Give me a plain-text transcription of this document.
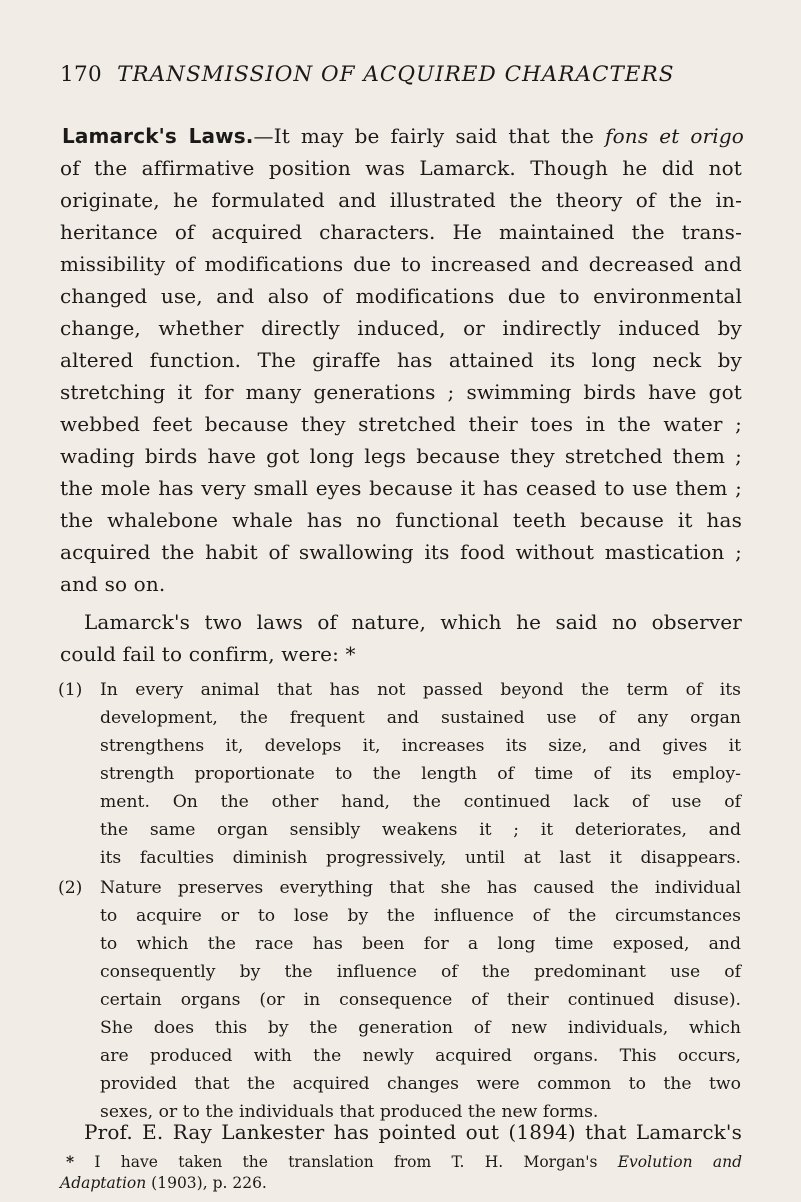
170 TRANSMISSION OF ACQUIRED CHARACTERS
Lamarck's Laws.—It may be fairly said that the fons et origo
of the affirmative position was Lamarck. Though he did not
originate, he formulated and illustrated the theory of the in-
heritance of acquired characters. He maintained the trans-
missibility of modifications due to increased and decreased and
changed use, and also of modifications due to environmental
change, whether directly induced, or indirectly induced by
altered function. The giraffe has attained its long neck by
stretching it for many generations ; swimming birds have got
webbed feet because they stretched their toes in the water ;
wading birds have got long legs because they stretched them ;
the mole has very small eyes because it has ceased to use them ;
the whalebone whale has no functional teeth because it has
acquired the habit of swallowing its food without mastication ;
and so on.
Lamarck's two laws of nature, which he said no observer
could fail to confirm, were: *
(1) In every animal that has not passed beyond the term of its
development, the frequent and sustained use of any organ
strengthens it, develops it, increases its size, and gives it
strength proportionate to the length of time of its employ-
ment. On the other hand, the continued lack of use of
the same organ sensibly weakens it ; it deteriorates, and
its faculties diminish progressively, until at last it disappears.
(2) Nature preserves everything that she has caused the individual
to acquire or to lose by the influence of the circumstances
to which the race has been for a long time exposed, and
consequently by the influence of the predominant use of
certain organs (or in consequence of their continued disuse).
She does this by the generation of new individuals, which
are produced with the newly acquired organs. This occurs,
provided that the acquired changes were common to the two
sexes, or to the individuals that produced the new forms.
Prof. E. Ray Lankester has pointed out (1894) that Lamarck's
* I have taken the translation from T. H. Morgan's Evolution and
Adaptation (1903), p. 226.
